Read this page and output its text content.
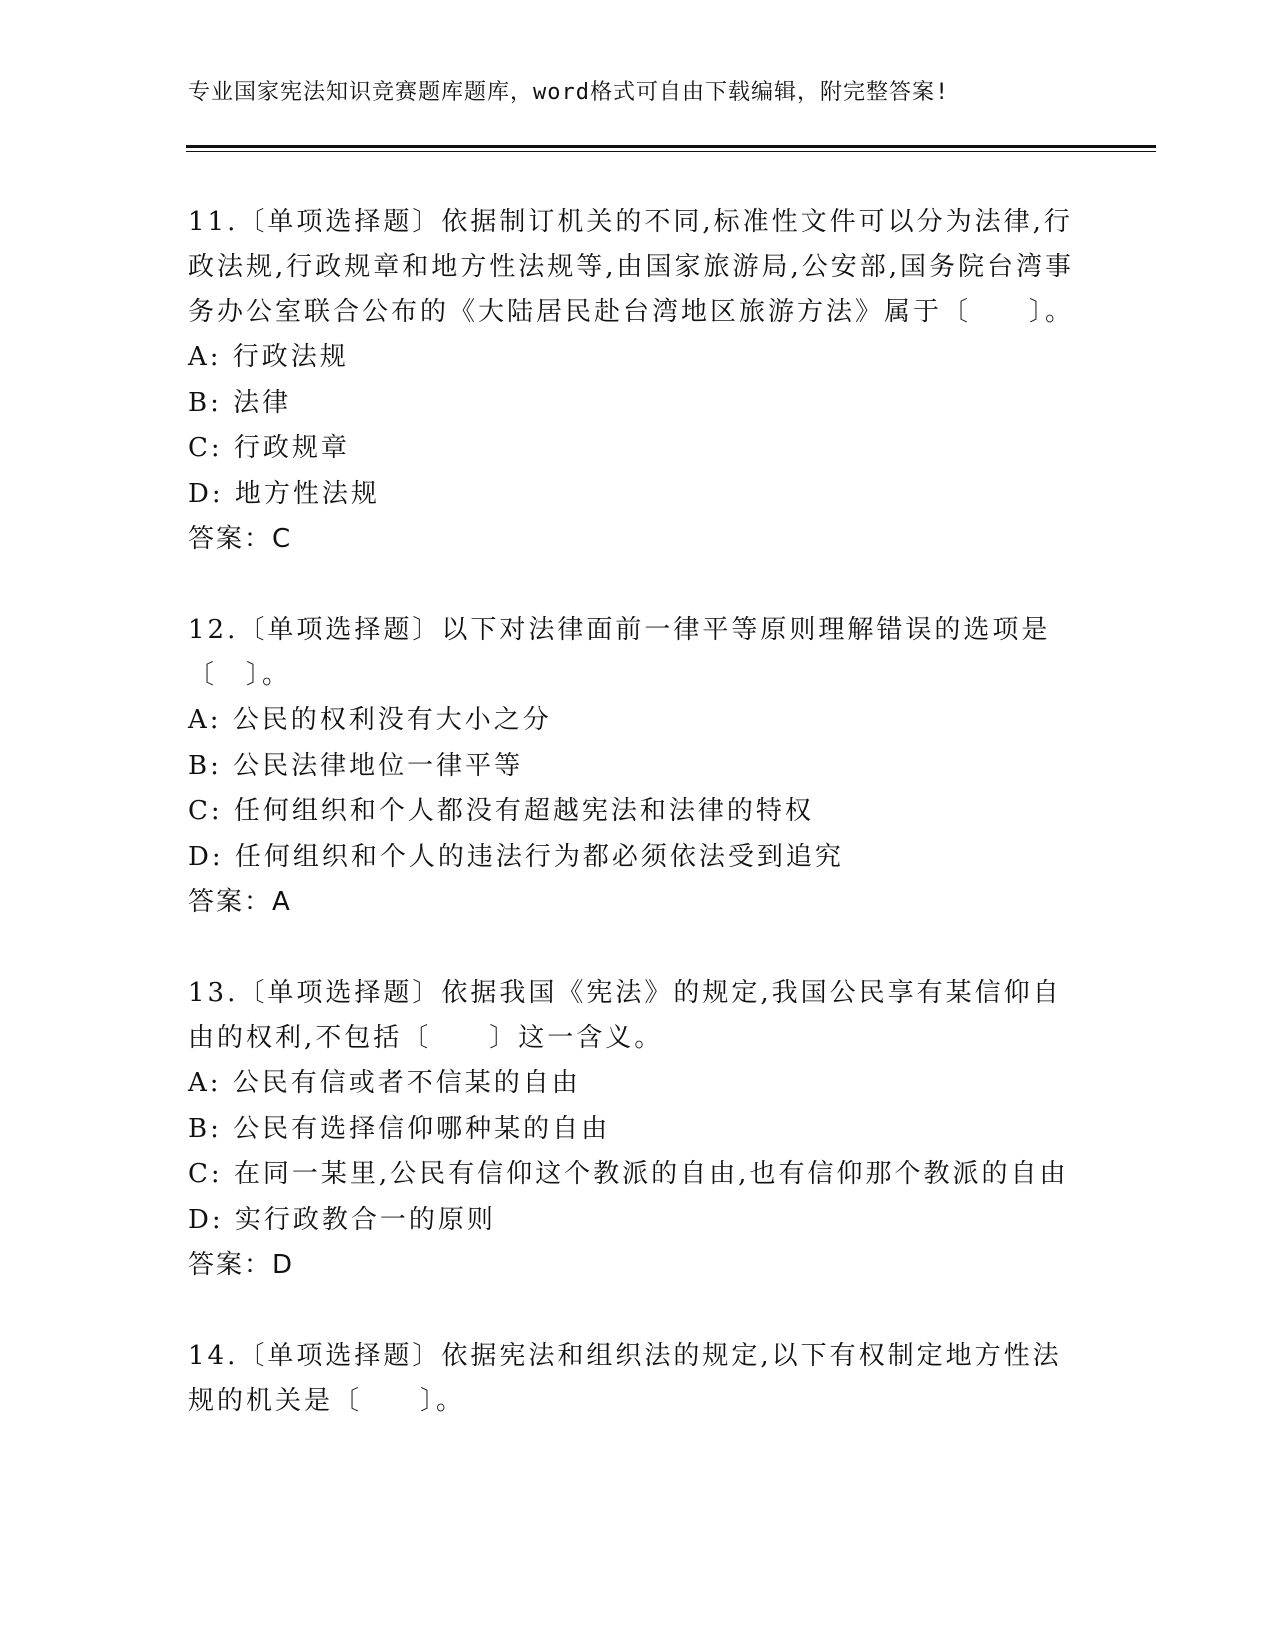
专业国家宪法知识竞赛题库题库，word格式可自由下载编辑，附完整答案!

11.〔单项选择题〕依据制订机关的不同,标准性文件可以分为法律,行政法规,行政规章和地方性法规等,由国家旅游局,公安部,国务院台湾事务办公室联合公布的《大陆居民赴台湾地区旅游方法》属于〔　　〕。

A: 行政法规
B: 法律
C: 行政规章
D: 地方性法规
答案：C

12.〔单项选择题〕以下对法律面前一律平等原则理解错误的选项是〔　〕。

A: 公民的权利没有大小之分
B: 公民法律地位一律平等
C: 任何组织和个人都没有超越宪法和法律的特权
D: 任何组织和个人的违法行为都必须依法受到追究
答案：A

13.〔单项选择题〕依据我国《宪法》的规定,我国公民享有某信仰自由的权利,不包括〔　　〕这一含义。

A: 公民有信或者不信某的自由
B: 公民有选择信仰哪种某的自由
C: 在同一某里,公民有信仰这个教派的自由,也有信仰那个教派的自由
D: 实行政教合一的原则
答案：D

14.〔单项选择题〕依据宪法和组织法的规定,以下有权制定地方性法规的机关是〔　　〕。
